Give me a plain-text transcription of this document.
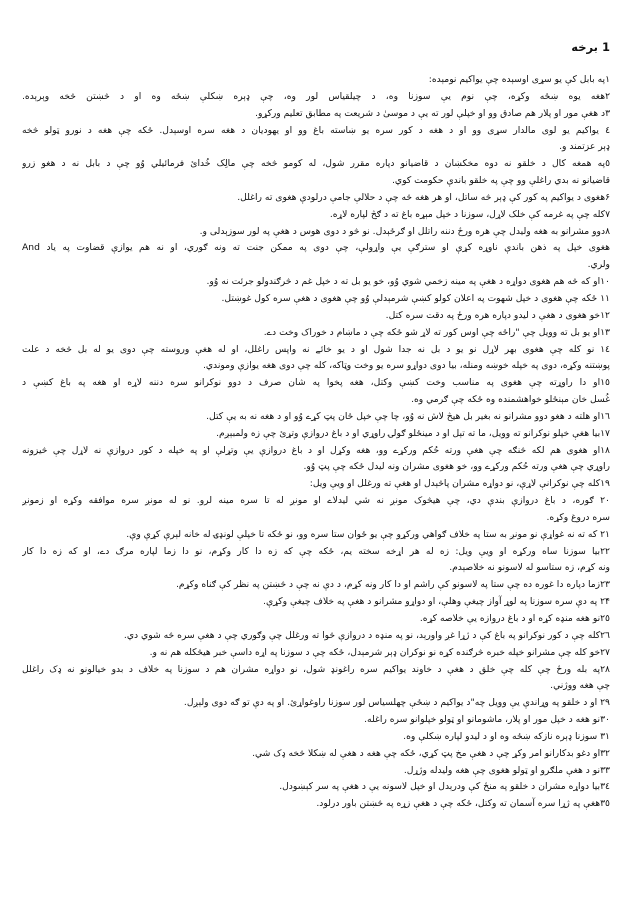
1 برخه
۱په بابل کې یو سړی اوسېده چې یواکیم نومېده:
۲هغه یوه ښځه وکړه، چې نوم یې سوزنا وه، د چیلقیاس لور وه، چې ډېره ښکلې ښځه وه او د څښتن څخه وېرېده.
۳د هغې مور او پلار هم صادق وو او خپلې لور ته یې د موسیٰ د شریعت په مطابق تعلیم ورکړو.
٤ یواکیم یو لوی مالدار سړی وو او د هغه د کور سره یو ښاسته باغ وو او یهودیان د هغه سره اوسېدل. ځکه چې هغه د نورو ټولو څخه
ډېر عزتمند و.
٥په همغه کال د خلقو نه دوه مخکښان د قاضیانو دپاره مقرر شول، له کومو څخه چې مالِک خُدائ فرمائیلي وُو چې د بابل نه د هغو زرو
قاضیانو نه بدي راغلې وو چې په خلقو باندې حکومت کوي.
۶هغوی د یواکیم په کور کې ډېر څه ساتل، او هر هغه څه چې د حلالې جامې درلودې هغوی ته راغلل.
۷کله چې په غرمه کې خلک لاړل، سوزنا د خپل مېړه باغ ته د ګڅ لپاره لاړه.
۸دوو مشرانو به هغه ولیدل چې هره ورځ دننه راتلل او ګرځېدل. نو څو د دوی هوس د هغې په لور سوزېدلی و.
And هغوی خپل په ذهن باندې ناوړه کړې او سترګې یې واړولې، چې دوی په ممکن جنت ته ونه ګوري، او نه هم یوازې قضاوت په یاد
ولري.
۱۰او که څه هم هغوی دواړه د هغې په مینه زخمي شوي وُو، خو یو بل ته د خپل غم د څرګندولو جرئت نه وُو.
۱۱ ځکه چې هغوی د خپل شهوت په اعلان کولو کښې شرمېدلې وُو چې هغوی د هغې سره کول غوښتل.
۱۲خو هغوی د هغې د لیدو دپاره هره ورځ په دقت سره کتل.
۱۳او یو بل ته وویل چې "راځه چې اوس کور ته لاړ شو ځکه چې د ماښام د خوراک وخت دے.
۱٤ نو کله چې هغوی بهر لاړل نو یو د بل نه جدا شول او د یو خائے نه واپس راغلل، او له هغې وروسته چې دوی یو له بل څخه د علت
پوښتنه وکړه، دوی په خپله خوښه ومنله، بیا دوی دواړو سره یو وخت وټاکه، کله چې دوی هغه یوازې وموندي.
۱٥او دا راوړته چې هغوی په مناسب وخت کښې وکتل، هغه پخوا په شان صرف د دوو نوکرانو سره دننه لاړه او هغه په باغ کښې د
غُسل خان مېنځلو خواهشمنده وه ځکه چې ګرمي وه.
۱٦او هلته د هغو دوو مشرانو نه بغیر بل هیڅ لاش نه وُو، چا چې خپل ځان پټ کړے وُو او د هغه نه به یې کتل.
۱۷بیا هغې خپلو نوکرانو ته وویل، ما ته تېل او د مینځلو ګولۍ راوړي او د باغ دروازې وتړئ چې زه ولمبېږم.
۱۸او هغوی هم لکه څنګه چې هغې ورته حُکم ورکړے وو، هغه وکړل او د باغ دروازې یې وتړلې او په خپله د کور دروازې نه لاړل چې څیزونه
راوړي چې هغې ورته حُکم ورکړے وو، خو هغوی مشران ونه لیدل ځکه چې پټ وُو.
۱۹کله چې نوکرانې لاړې، نو دواړه مشران پاڅېدل او هغې ته ورغلل او ویې ویل:
۲۰ ګوره، د باغ دروازې بندې دي، چې هیڅوک مونږ نه شي لیدلاے او مونږ له تا سره مینه لرو. نو له مونږ سره موافقه وکړه او زمونږ
سره دروغ وکړه.
۲۱ که ته نه غواړې نو مونږ به ستا په خلاف ګواهي ورکړو چې یو ځوان ستا سره وو، نو ځکه تا خپلې لونډۍ له خانه لېرې کړې وې.
۲۲بیا سوزنا ساه ورکړه او ویې ویل: زه له هر اړخه سخته یم، ځکه چې که زه دا کار وکړم، نو دا زما لپاره مرګ دے، او که زه دا کار
ونه کړم، زه ستاسو له لاسونو نه خلاصېدم.
۲۳زما دپاره دا غوره ده چې ستا په لاسونو کې راشم او دا کار ونه کړم، د دې نه چې د څښتن په نظر کې ګناه وکړم.
۲۴ په دې سره سوزنا په لوړ آواز چیغې وهلې، او دواړو مشرانو د هغې په خلاف چیغې وکړې.
۲٥نو هغه منډه کړه او د باغ دروازه یې خلاصه کړه.
۲٦کله چې د کور نوکرانو په باغ کې د ژړا غږ واورېد، نو په منډه د دروازې څوا ته ورغلل چې وګوري چې د هغې سره څه شوي دي.
۲۷خو کله چې مشرانو خپله خبره څرګنده کړه نو نوکران ډېر شرمېدل، ځکه چې د سوزنا په اړه داسې خبر هیڅکله هم نه و.
۲۸په بله ورځ چې کله چې خلق د هغې د خاوند یواکیم سره راغونډ شول، نو دواړه مشران هم د سوزنا په خلاف د بدو خیالونو نه ډک راغلل
چې هغه ووژني.
۲۹ او د خلقو په وړاندې یې وویل چه"د یواکیم د ښځې چهلسیاس لور سوزنا راوغواړئ. او په دې تو ګه دوی ولېږل.
۳۰نو هغه د خپل مور او پلار، ماشومانو او ټولو خپلوانو سره راغله.
۳۱ سوزنا ډېره نازکه ښځه وه او د لیدو لپاره ښکلې وه.
۳۲او دغو بدکارانو امر وکړ چې د هغې مخ پټ کړي، ځکه چې هغه د هغې له ښکلا څخه ډک شي.
۳۳نو د هغې ملګرو او ټولو هغوی چې هغه ولیدله وژړل.
۳٤بیا دواړه مشران د خلقو په منځ کې ودرېدل او خپل لاسونه یې د هغې په سر کېښودل.
۳٥هغې په ژړا سره آسمان ته وکتل، ځکه چې د هغې زړه په څښتن باور درلود.
